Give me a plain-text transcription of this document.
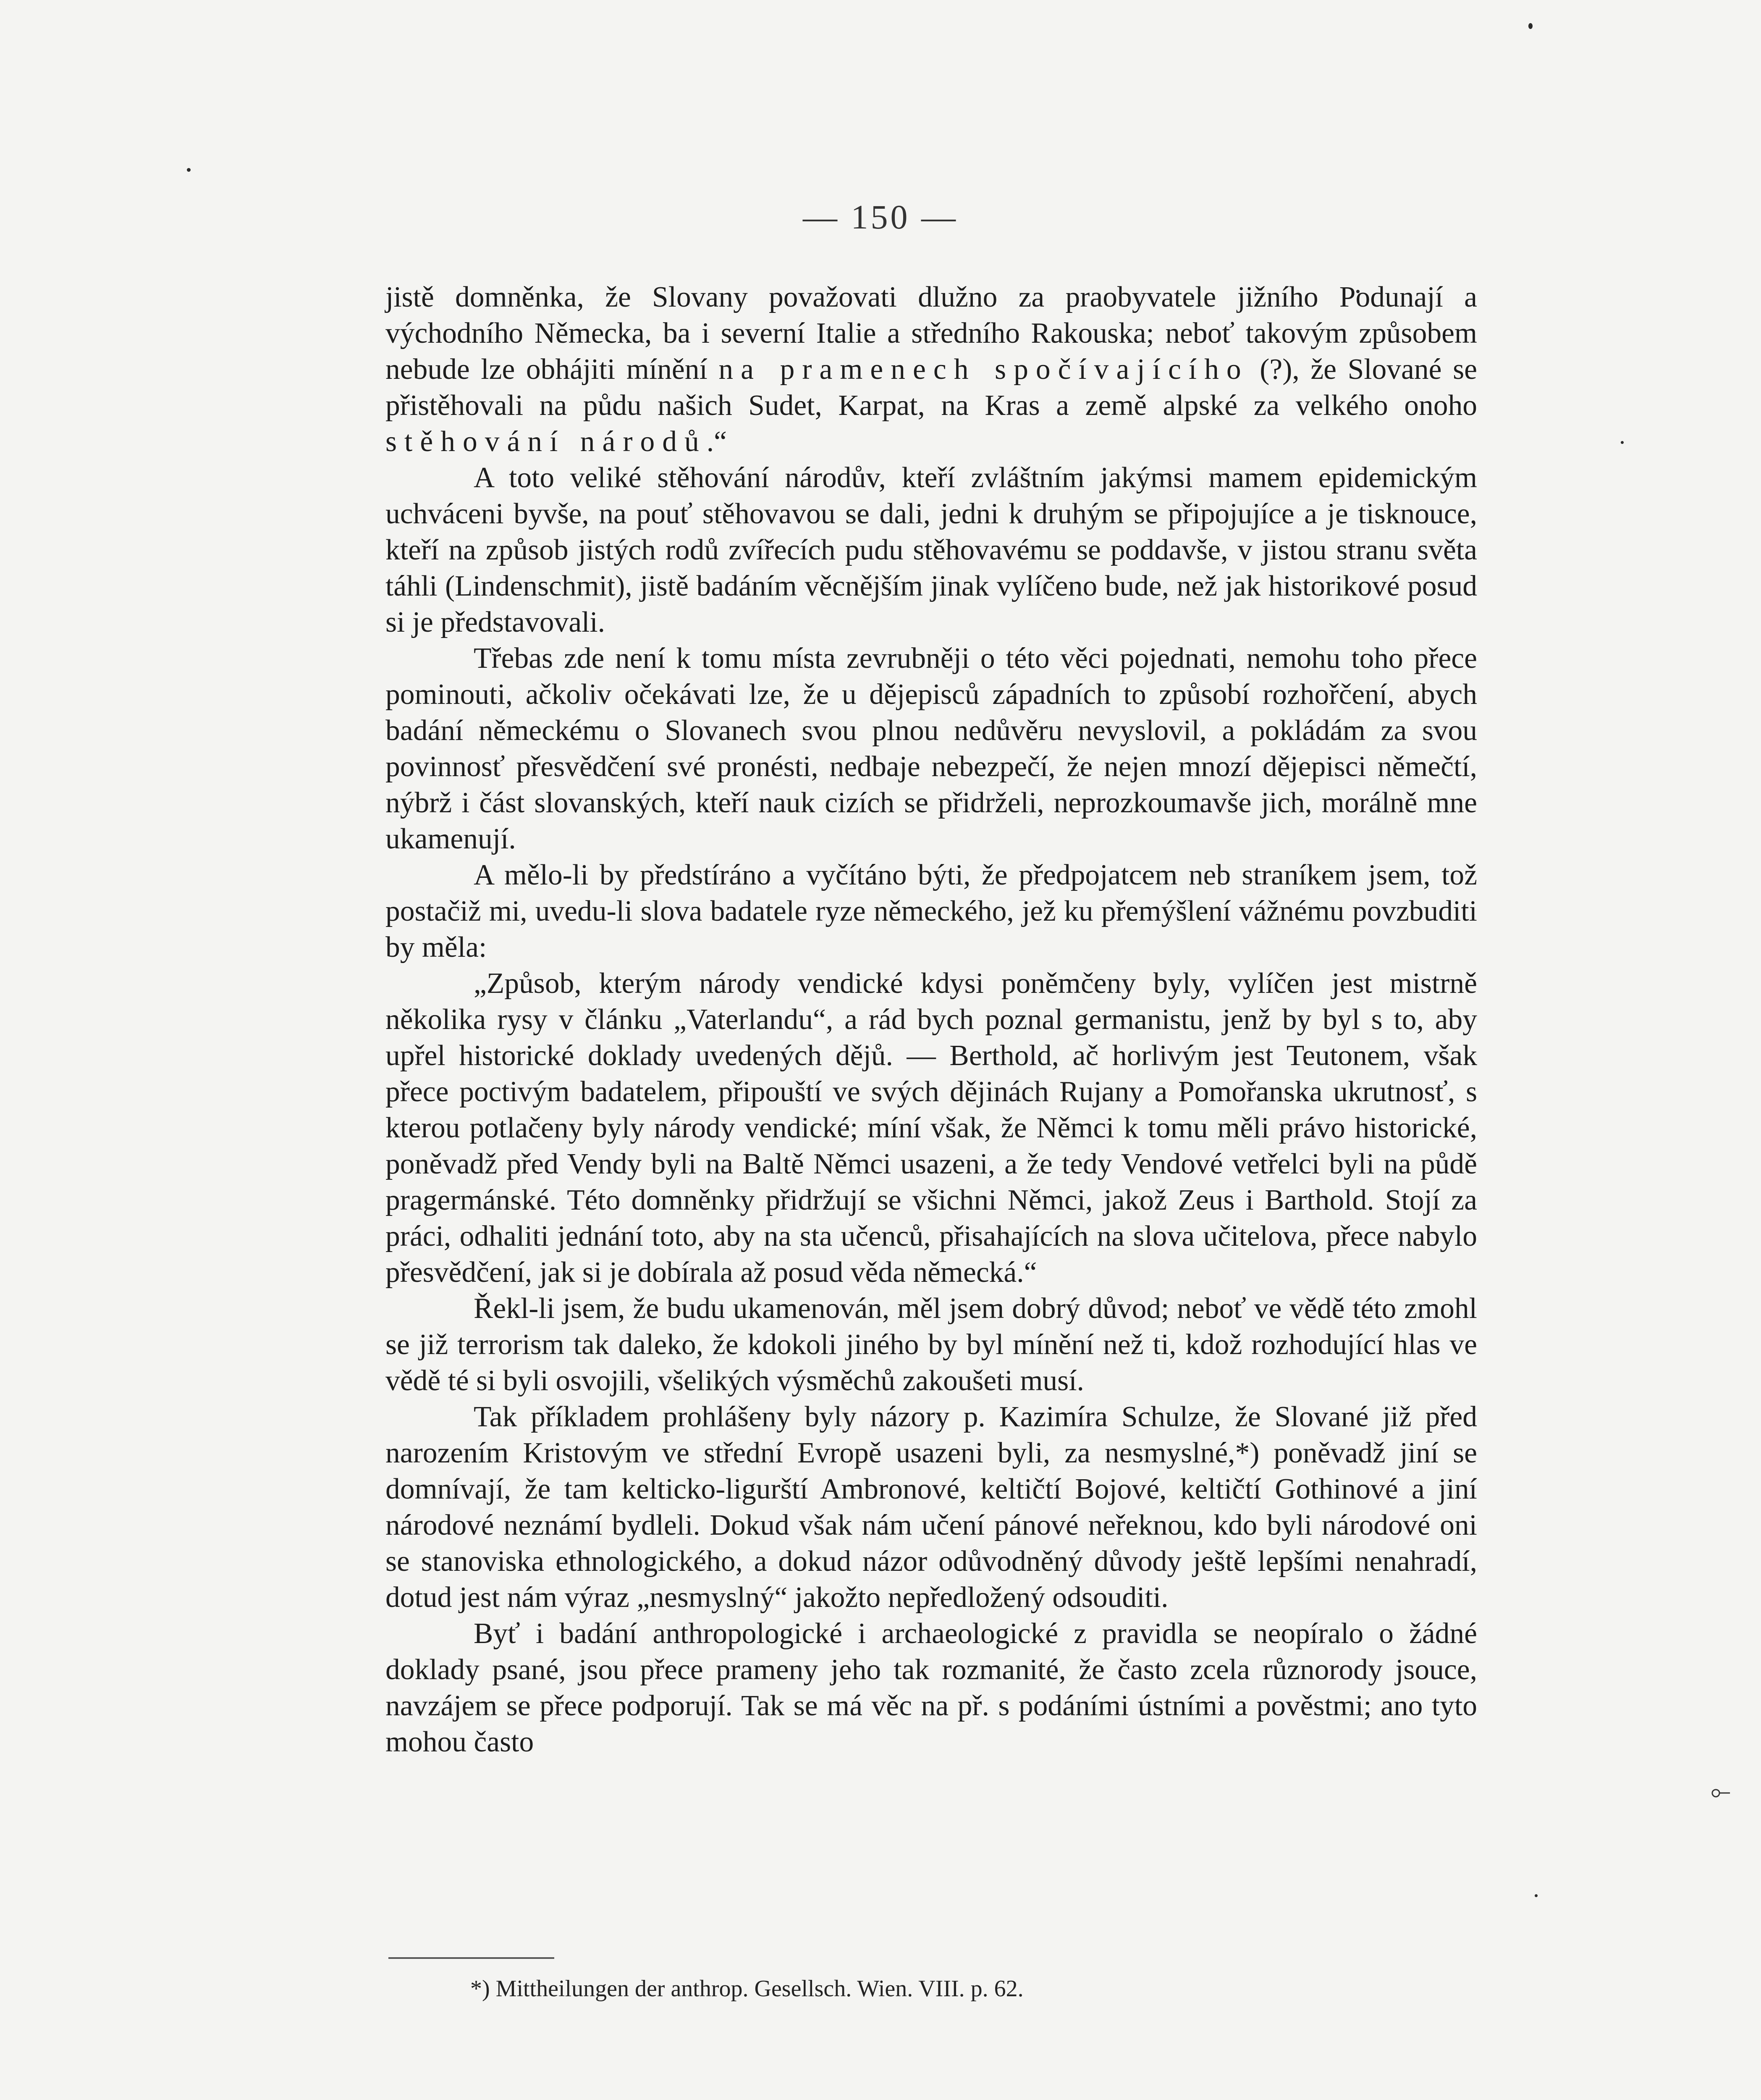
⟜
— 150 —

jistě domněnka, že Slovany považovati dlužno za praobyvatele jižního Podunají a východního Německa, ba i severní Italie a středního Rakouska; neboť takovým způsobem nebude lze obhájiti mínění na pramenech spočívajícího (?), že Slované se přistěhovali na půdu našich Sudet, Karpat, na Kras a země alpské za velkého onoho stěhování národů.“

A toto veliké stěhování národův, kteří zvláštním jakýmsi mamem epidemickým uchváceni byvše, na pouť stěhovavou se dali, jedni k druhým se připojujíce a je tisknouce, kteří na způsob jistých rodů zvířecích pudu stěhovavému se poddavše, v jistou stranu světa táhli (Lindenschmit), jistě badáním věcnějším jinak vylíčeno bude, než jak historikové posud si je představovali.

Třebas zde není k tomu místa zevrubněji o této věci pojednati, nemohu toho přece pominouti, ačkoliv očekávati lze, že u dějepisců západních to způsobí rozhořčení, abych badání německému o Slovanech svou plnou nedůvěru nevyslovil, a pokládám za svou povinnosť přesvědčení své pronésti, nedbaje nebezpečí, že nejen mnozí dějepisci němečtí, nýbrž i část slovanských, kteří nauk cizích se přidrželi, neprozkoumavše jich, morálně mne ukamenují.

A mělo-li by předstíráno a vyčítáno býti, že předpojatcem neb straníkem jsem, tož postačiž mi, uvedu-li slova badatele ryze německého, jež ku přemýšlení vážnému povzbuditi by měla:

„Způsob, kterým národy vendické kdysi poněmčeny byly, vylíčen jest mistrně několika rysy v článku „Vaterlandu“, a rád bych poznal germanistu, jenž by byl s to, aby upřel historické doklady uvedených dějů. — Berthold, ač horlivým jest Teutonem, však přece poctivým badatelem, připouští ve svých dějinách Rujany a Pomořanska ukrutnosť, s kterou potlačeny byly národy vendické; míní však, že Němci k tomu měli právo historické, poněvadž před Vendy byli na Baltě Němci usazeni, a že tedy Vendové vetřelci byli na půdě pragermánské. Této domněnky přidržují se všichni Němci, jakož Zeus i Barthold. Stojí za práci, odhaliti jednání toto, aby na sta učenců, přisahajících na slova učitelova, přece nabylo přesvědčení, jak si je dobírala až posud věda německá.“

Řekl-li jsem, že budu ukamenován, měl jsem dobrý důvod; neboť ve vědě této zmohl se již terrorism tak daleko, že kdokoli jiného by byl mínění než ti, kdož rozhodující hlas ve vědě té si byli osvojili, všelikých výsměchů zakoušeti musí.

Tak příkladem prohlášeny byly názory p. Kazimíra Schulze, že Slované již před narozením Kristovým ve střední Evropě usazeni byli, za nesmyslné,*) poněvadž jiní se domnívají, že tam kelticko-ligurští Ambronové, keltičtí Bojové, keltičtí Gothinové a jiní národové neznámí bydleli. Dokud však nám učení pánové neřeknou, kdo byli národové oni se stanoviska ethnologického, a dokud názor odůvodněný důvody ještě lepšími nenahradí, dotud jest nám výraz „nesmyslný“ jakožto nepředložený odsouditi.

Byť i badání anthropologické i archaeologické z pravidla se neopíralo o žádné doklady psané, jsou přece prameny jeho tak rozmanité, že často zcela různorody jsouce, navzájem se přece podporují. Tak se má věc na př. s podáními ústními a pověstmi; ano tyto mohou často

*) Mittheilungen der anthrop. Gesellsch. Wien. VIII. p. 62.
